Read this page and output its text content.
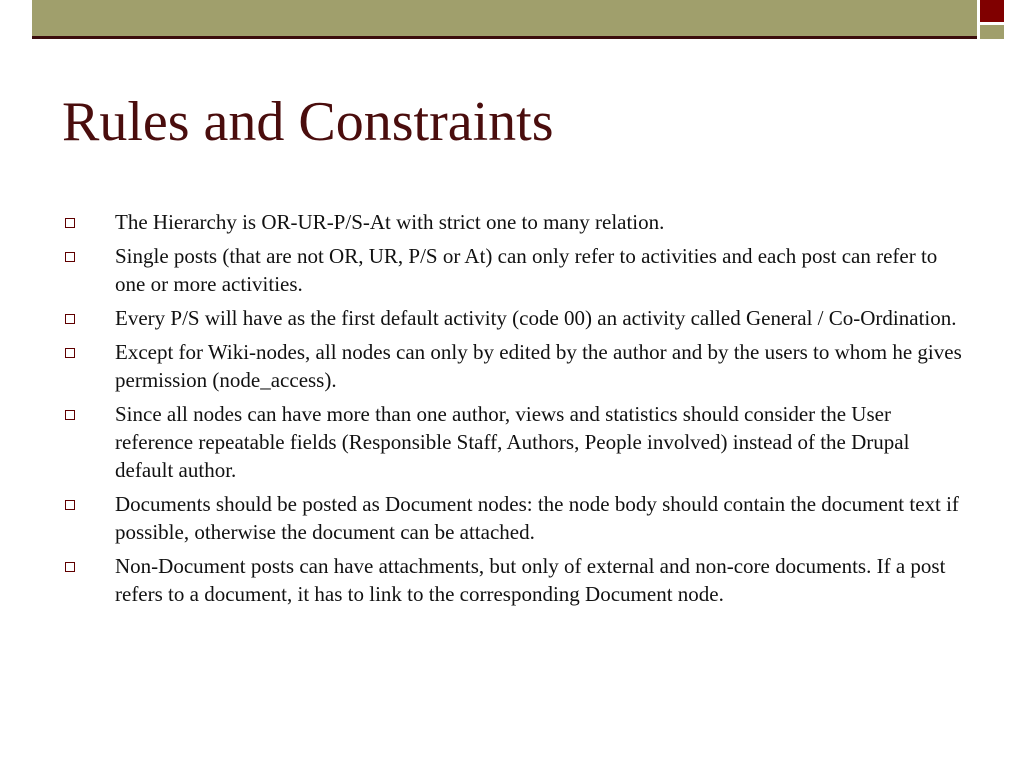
Rules and Constraints
The Hierarchy is OR-UR-P/S-At with strict one to many relation.
Single posts (that are not OR, UR, P/S or At) can only refer to activities and each post can refer to one or more activities.
Every P/S will have as the first default activity (code 00) an activity called General / Co-Ordination.
Except for Wiki-nodes, all nodes can only by edited by the author and by the users to whom he gives permission (node_access).
Since all nodes can have more than one author, views and statistics should consider the User reference repeatable fields (Responsible Staff, Authors, People involved) instead of the Drupal default author.
Documents should be posted as Document nodes: the node body should contain the document text if possible, otherwise the document can be attached.
Non-Document posts can have attachments, but only of external and non-core documents. If a post refers to a document, it has to link to the corresponding Document node.
